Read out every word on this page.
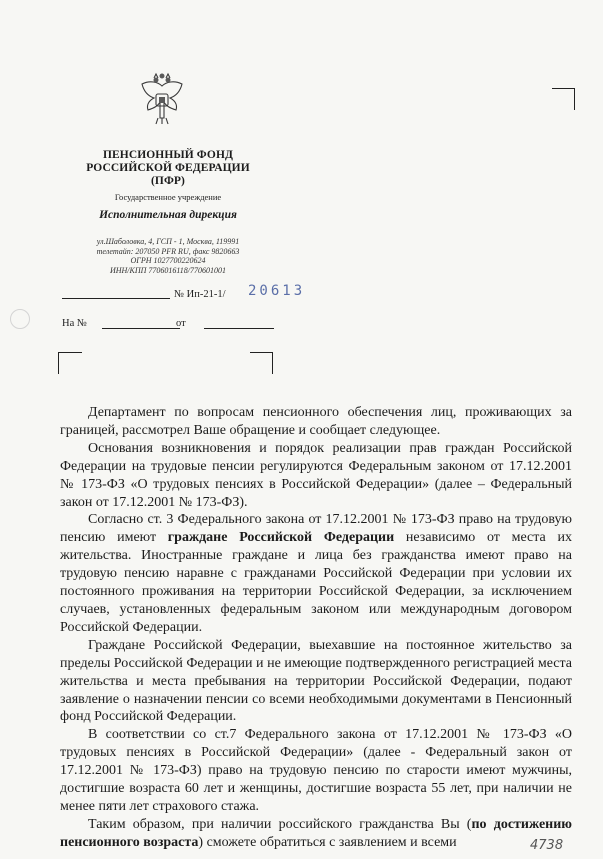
ПЕНСИОННЫЙ ФОНД
РОССИЙСКОЙ ФЕДЕРАЦИИ
(ПФР)
Государственное учреждение
Исполнительная дирекция
ул.Шаболовка, 4, ГСП - 1, Москва, 119991
телетайп: 207050 PFR RU, факс 9820663
ОГРН 1027700220624
ИНН/КПП 7706016118/770601001
№ Ип-21-1/ 20613
На №	от

Департамент по вопросам пенсионного обеспечения лиц, проживающих за границей, рассмотрел Ваше обращение и сообщает следующее.

Основания возникновения и порядок реализации прав граждан Российской Федерации на трудовые пенсии регулируются Федеральным законом от 17.12.2001 № 173-ФЗ «О трудовых пенсиях в Российской Федерации» (далее – Федеральный закон от 17.12.2001 № 173-ФЗ).

Согласно ст. 3 Федерального закона от 17.12.2001 № 173-ФЗ право на трудовую пенсию имеют граждане Российской Федерации независимо от места их жительства. Иностранные граждане и лица без гражданства имеют право на трудовую пенсию наравне с гражданами Российской Федерации при условии их постоянного проживания на территории Российской Федерации, за исключением случаев, установленных федеральным законом или международным договором Российской Федерации.

Граждане Российской Федерации, выехавшие на постоянное жительство за пределы Российской Федерации и не имеющие подтвержденного регистрацией места жительства и места пребывания на территории Российской Федерации, подают заявление о назначении пенсии со всеми необходимыми документами в Пенсионный фонд Российской Федерации.

В соответствии со ст.7 Федерального закона от 17.12.2001 № 173-ФЗ «О трудовых пенсиях в Российской Федерации» (далее - Федеральный закон от 17.12.2001 № 173-ФЗ) право на трудовую пенсию по старости имеют мужчины, достигшие возраста 60 лет и женщины, достигшие возраста 55 лет, при наличии не менее пяти лет страхового стажа.

Таким образом, при наличии российского гражданства Вы (по достижению пенсионного возраста) сможете обратиться с заявлением и всеми	4738
